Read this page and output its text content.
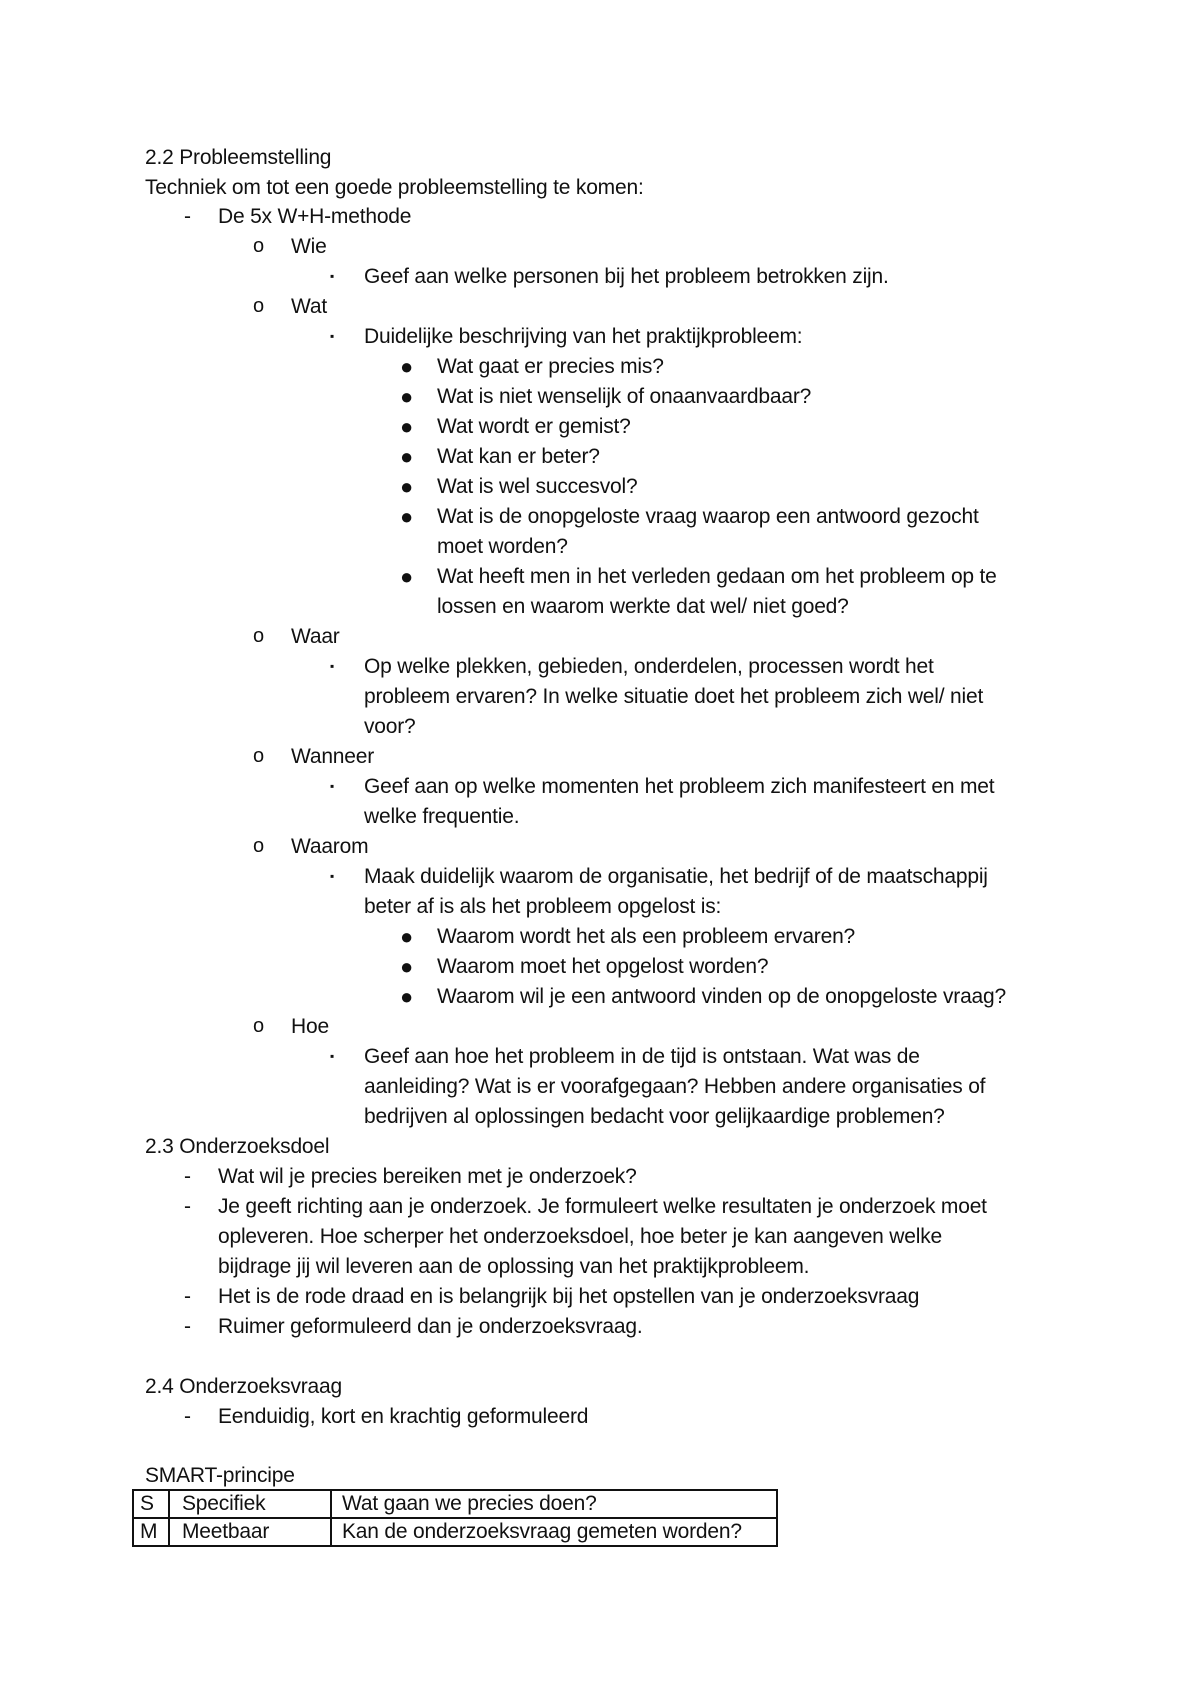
2.2 Probleemstelling
Techniek om tot een goede probleemstelling te komen:
-	De 5x W+H-methode
o Wie
▪ Geef aan welke personen bij het probleem betrokken zijn.
o Wat
▪ Duidelijke beschrijving van het praktijkprobleem:
● Wat gaat er precies mis?
● Wat is niet wenselijk of onaanvaardbaar?
● Wat wordt er gemist?
● Wat kan er beter?
● Wat is wel succesvol?
● Wat is de onopgeloste vraag waarop een antwoord gezocht
moet worden?
● Wat heeft men in het verleden gedaan om het probleem op te
lossen en waarom werkte dat wel/ niet goed?
o Waar
▪ Op welke plekken, gebieden, onderdelen, processen wordt het
probleem ervaren? In welke situatie doet het probleem zich wel/ niet
voor?
o Wanneer
▪ Geef aan op welke momenten het probleem zich manifesteert en met
welke frequentie.
o Waarom
▪ Maak duidelijk waarom de organisatie, het bedrijf of de maatschappij
beter af is als het probleem opgelost is:
● Waarom wordt het als een probleem ervaren?
● Waarom moet het opgelost worden?
● Waarom wil je een antwoord vinden op de onopgeloste vraag?
o Hoe
▪ Geef aan hoe het probleem in de tijd is ontstaan. Wat was de
aanleiding? Wat is er voorafgegaan? Hebben andere organisaties of
bedrijven al oplossingen bedacht voor gelijkaardige problemen?
2.3 Onderzoeksdoel
-	Wat wil je precies bereiken met je onderzoek?
-	Je geeft richting aan je onderzoek. Je formuleert welke resultaten je onderzoek moet
opleveren. Hoe scherper het onderzoeksdoel, hoe beter je kan aangeven welke
bijdrage jij wil leveren aan de oplossing van het praktijkprobleem.
-	Het is de rode draad en is belangrijk bij het opstellen van je onderzoeksvraag
-	Ruimer geformuleerd dan je onderzoeksvraag.
2.4 Onderzoeksvraag
-	Eenduidig, kort en krachtig geformuleerd
SMART-principe
S	Specifiek	Wat gaan we precies doen?
M	Meetbaar	Kan de onderzoeksvraag gemeten worden?
